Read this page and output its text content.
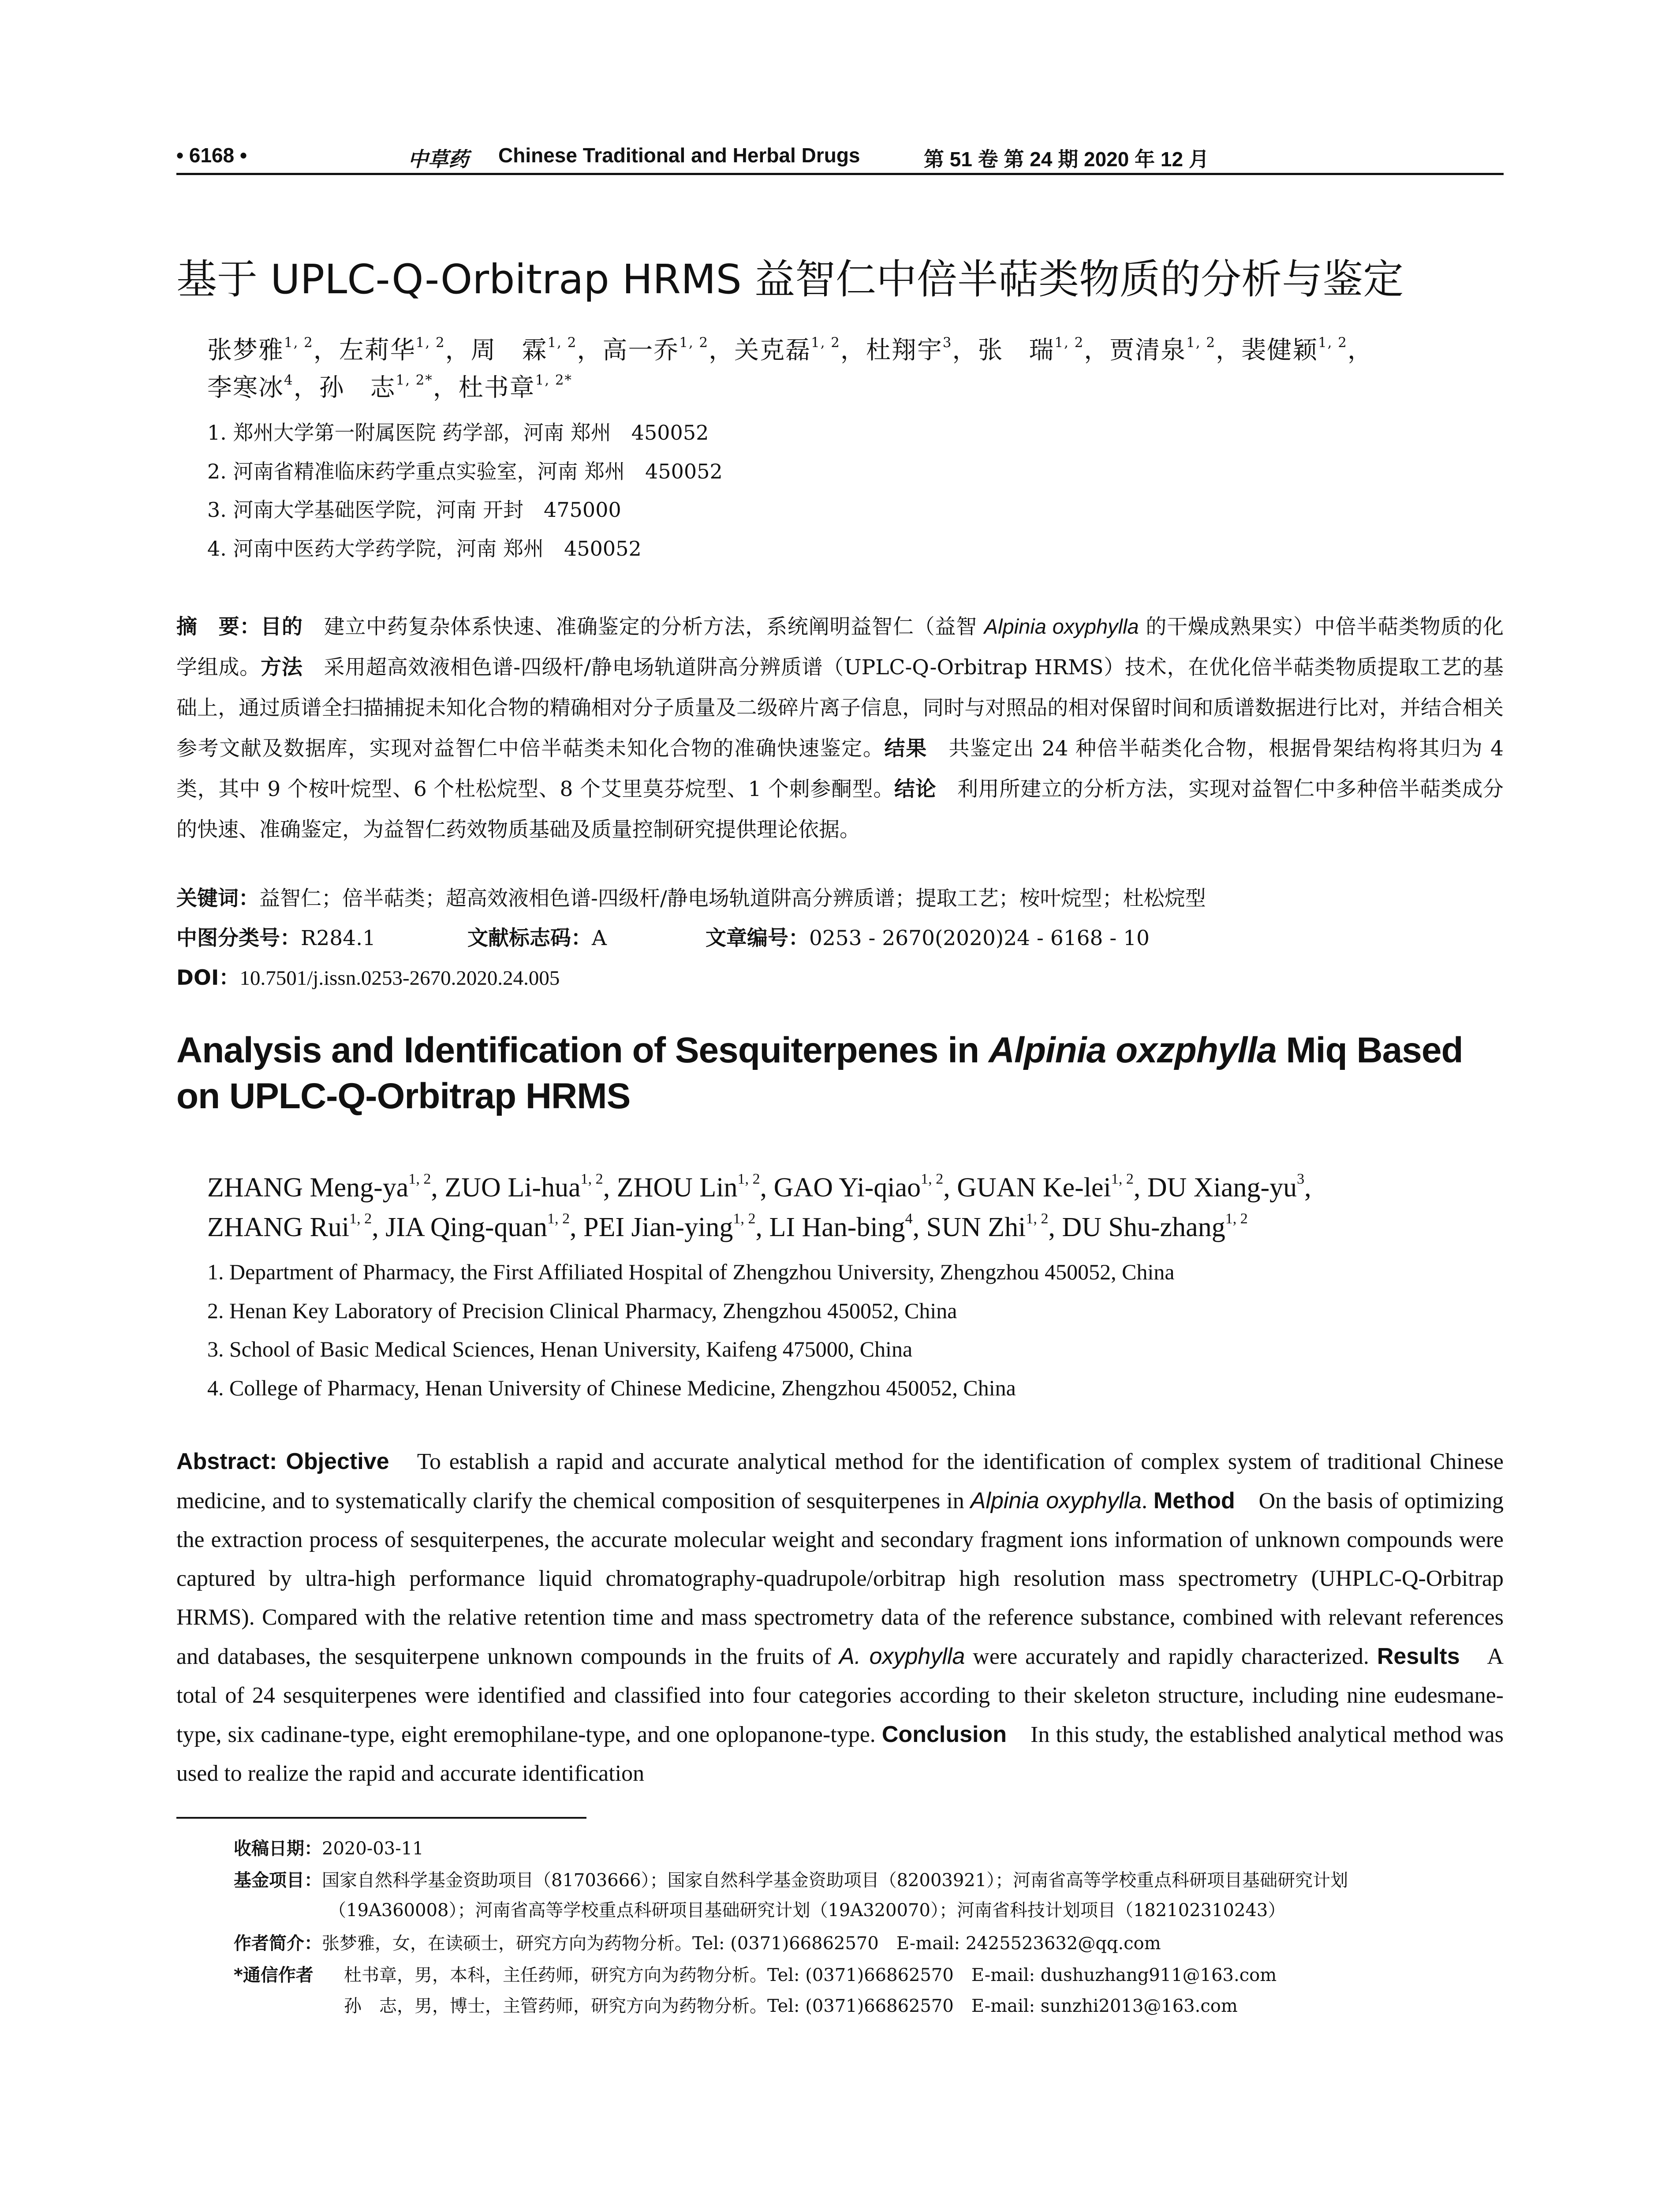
• 6168 •	中草药 Chinese Traditional and Herbal Drugs	第 51 卷 第 24 期 2020 年 12 月
基于 UPLC-Q-Orbitrap HRMS 益智仁中倍半萜类物质的分析与鉴定
张梦雅$^{1, 2}$，左莉华$^{1, 2}$，周　霖$^{1, 2}$，高一乔$^{1, 2}$，关克磊$^{1, 2}$，杜翔宇$^3$，张　瑞$^{1, 2}$，贾清泉$^{1, 2}$，裴健颖$^{1, 2}$，
李寒冰$^4$，孙　志$^{1, 2*}$，杜书章$^{1, 2*}$
1. 郑州大学第一附属医院 药学部，河南 郑州　450052
2. 河南省精准临床药学重点实验室，河南 郑州　450052
3. 河南大学基础医学院，河南 开封　475000
4. 河南中医药大学药学院，河南 郑州　450052
摘　要：目的　建立中药复杂体系快速、准确鉴定的分析方法，系统阐明益智仁（益智 Alpinia oxyphylla 的干燥成熟果实）中倍半萜类物质的化学组成。方法　采用超高效液相色谱-四级杆/静电场轨道阱高分辨质谱（UPLC-Q-Orbitrap HRMS）技术，在优化倍半萜类物质提取工艺的基础上，通过质谱全扫描捕捉未知化合物的精确相对分子质量及二级碎片离子信息，同时与对照品的相对保留时间和质谱数据进行比对，并结合相关参考文献及数据库，实现对益智仁中倍半萜类未知化合物的准确快速鉴定。结果　共鉴定出 24 种倍半萜类化合物，根据骨架结构将其归为 4 类，其中 9 个桉叶烷型、6 个杜松烷型、8 个艾里莫芬烷型、1 个刺参酮型。结论　利用所建立的分析方法，实现对益智仁中多种倍半萜类成分的快速、准确鉴定，为益智仁药效物质基础及质量控制研究提供理论依据。
关键词：益智仁；倍半萜类；超高效液相色谱-四级杆/静电场轨道阱高分辨质谱；提取工艺；桉叶烷型；杜松烷型
中图分类号：R284.1	文献标志码：A	文章编号：0253 - 2670(2020)24 - 6168 - 10
DOI：10.7501/j.issn.0253-2670.2020.24.005
Analysis and Identification of Sesquiterpenes in Alpinia oxzphylla Miq Based on UPLC-Q-Orbitrap HRMS
ZHANG Meng-ya$^{1, 2}$, ZUO Li-hua$^{1, 2}$, ZHOU Lin$^{1, 2}$, GAO Yi-qiao$^{1, 2}$, GUAN Ke-lei$^{1, 2}$, DU Xiang-$yu^3$,
ZHANG Rui$^{1, 2}$, JIA Qing-quan$^{1, 2}$, PEI Jian-ying$^{1, 2}$, LI Han-bing$^4$, SUN Zhi$^{1, 2}$, DU Shu-zhang$^{1, 2}$
1. Department of Pharmacy, the First Affiliated Hospital of Zhengzhou University, Zhengzhou 450052, China
2. Henan Key Laboratory of Precision Clinical Pharmacy, Zhengzhou 450052, China
3. School of Basic Medical Sciences, Henan University, Kaifeng 475000, China
4. College of Pharmacy, Henan University of Chinese Medicine, Zhengzhou 450052, China
Abstract: Objective　To establish a rapid and accurate analytical method for the identification of complex system of traditional Chinese medicine, and to systematically clarify the chemical composition of sesquiterpenes in Alpinia oxyphylla. Method　On the basis of optimizing the extraction process of sesquiterpenes, the accurate molecular weight and secondary fragment ions information of unknown compounds were captured by ultra-high performance liquid chromatography-quadrupole/orbitrap high resolution mass spectrometry (UHPLC-Q-Orbitrap HRMS). Compared with the relative retention time and mass spectrometry data of the reference substance, combined with relevant references and databases, the sesquiterpene unknown compounds in the fruits of A. oxyphylla were accurately and rapidly characterized. Results　A total of 24 sesquiterpenes were identified and classified into four categories according to their skeleton structure, including nine eudesmane-type, six cadinane-type, eight eremophilane-type, and one oplopanone-type. Conclusion　In this study, the established analytical method was used to realize the rapid and accurate identification
收稿日期：2020-03-11
基金项目：国家自然科学基金资助项目（81703666）；国家自然科学基金资助项目（82003921）；河南省高等学校重点科研项目基础研究计划
（19A360008）；河南省高等学校重点科研项目基础研究计划（19A320070）；河南省科技计划项目（182102310243）
作者简介：张梦雅，女，在读硕士，研究方向为药物分析。Tel: (0371)66862570　E-mail: 2425523632@qq.com
*通信作者 杜书章，男，本科，主任药师，研究方向为药物分析。Tel: (0371)66862570　E-mail: dushuzhang911@163.com
孙　志，男，博士，主管药师，研究方向为药物分析。Tel: (0371)66862570　E-mail: sunzhi2013@163.com
